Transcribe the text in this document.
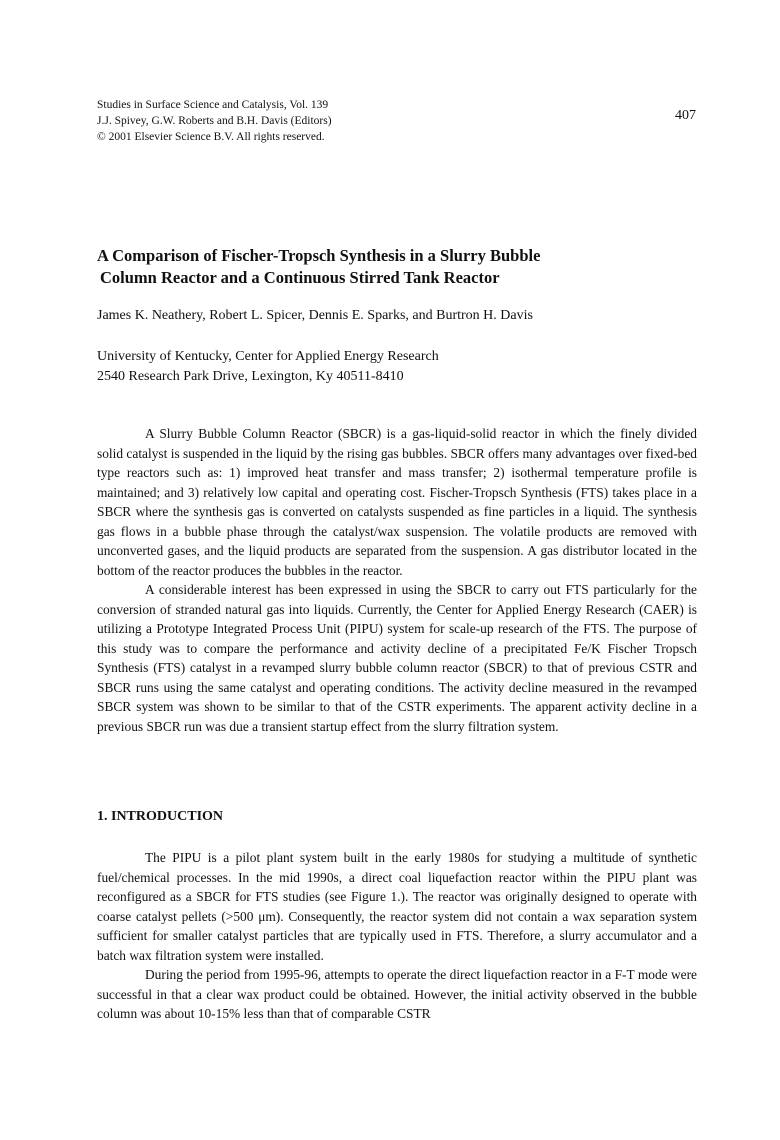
Studies in Surface Science and Catalysis, Vol. 139
J.J. Spivey, G.W. Roberts and B.H. Davis (Editors)
© 2001 Elsevier Science B.V. All rights reserved.
407
A Comparison of Fischer-Tropsch Synthesis in a Slurry Bubble
Column Reactor and a Continuous Stirred Tank Reactor
James K. Neathery, Robert L. Spicer, Dennis E. Sparks, and Burtron H. Davis
University of Kentucky, Center for Applied Energy Research
2540 Research Park Drive, Lexington, Ky 40511-8410

A Slurry Bubble Column Reactor (SBCR) is a gas-liquid-solid reactor in which the finely divided solid catalyst is suspended in the liquid by the rising gas bubbles. SBCR offers many advantages over fixed-bed type reactors such as: 1) improved heat transfer and mass transfer; 2) isothermal temperature profile is maintained; and 3) relatively low capital and operating cost. Fischer-Tropsch Synthesis (FTS) takes place in a SBCR where the synthesis gas is converted on catalysts suspended as fine particles in a liquid. The synthesis gas flows in a bubble phase through the catalyst/wax suspension. The volatile products are removed with unconverted gases, and the liquid products are separated from the suspension. A gas distributor located in the bottom of the reactor produces the bubbles in the reactor.

A considerable interest has been expressed in using the SBCR to carry out FTS particularly for the conversion of stranded natural gas into liquids. Currently, the Center for Applied Energy Research (CAER) is utilizing a Prototype Integrated Process Unit (PIPU) system for scale-up research of the FTS. The purpose of this study was to compare the performance and activity decline of a precipitated Fe/K Fischer Tropsch Synthesis (FTS) catalyst in a revamped slurry bubble column reactor (SBCR) to that of previous CSTR and SBCR runs using the same catalyst and operating conditions. The activity decline measured in the revamped SBCR system was shown to be similar to that of the CSTR experiments. The apparent activity decline in a previous SBCR run was due a transient startup effect from the slurry filtration system.

1. INTRODUCTION

The PIPU is a pilot plant system built in the early 1980s for studying a multitude of synthetic fuel/chemical processes. In the mid 1990s, a direct coal liquefaction reactor within the PIPU plant was reconfigured as a SBCR for FTS studies (see Figure 1.). The reactor was originally designed to operate with coarse catalyst pellets (>500 μm). Consequently, the reactor system did not contain a wax separation system sufficient for smaller catalyst particles that are typically used in FTS. Therefore, a slurry accumulator and a batch wax filtration system were installed.

During the period from 1995-96, attempts to operate the direct liquefaction reactor in a F-T mode were successful in that a clear wax product could be obtained. However, the initial activity observed in the bubble column was about 10-15% less than that of comparable CSTR
